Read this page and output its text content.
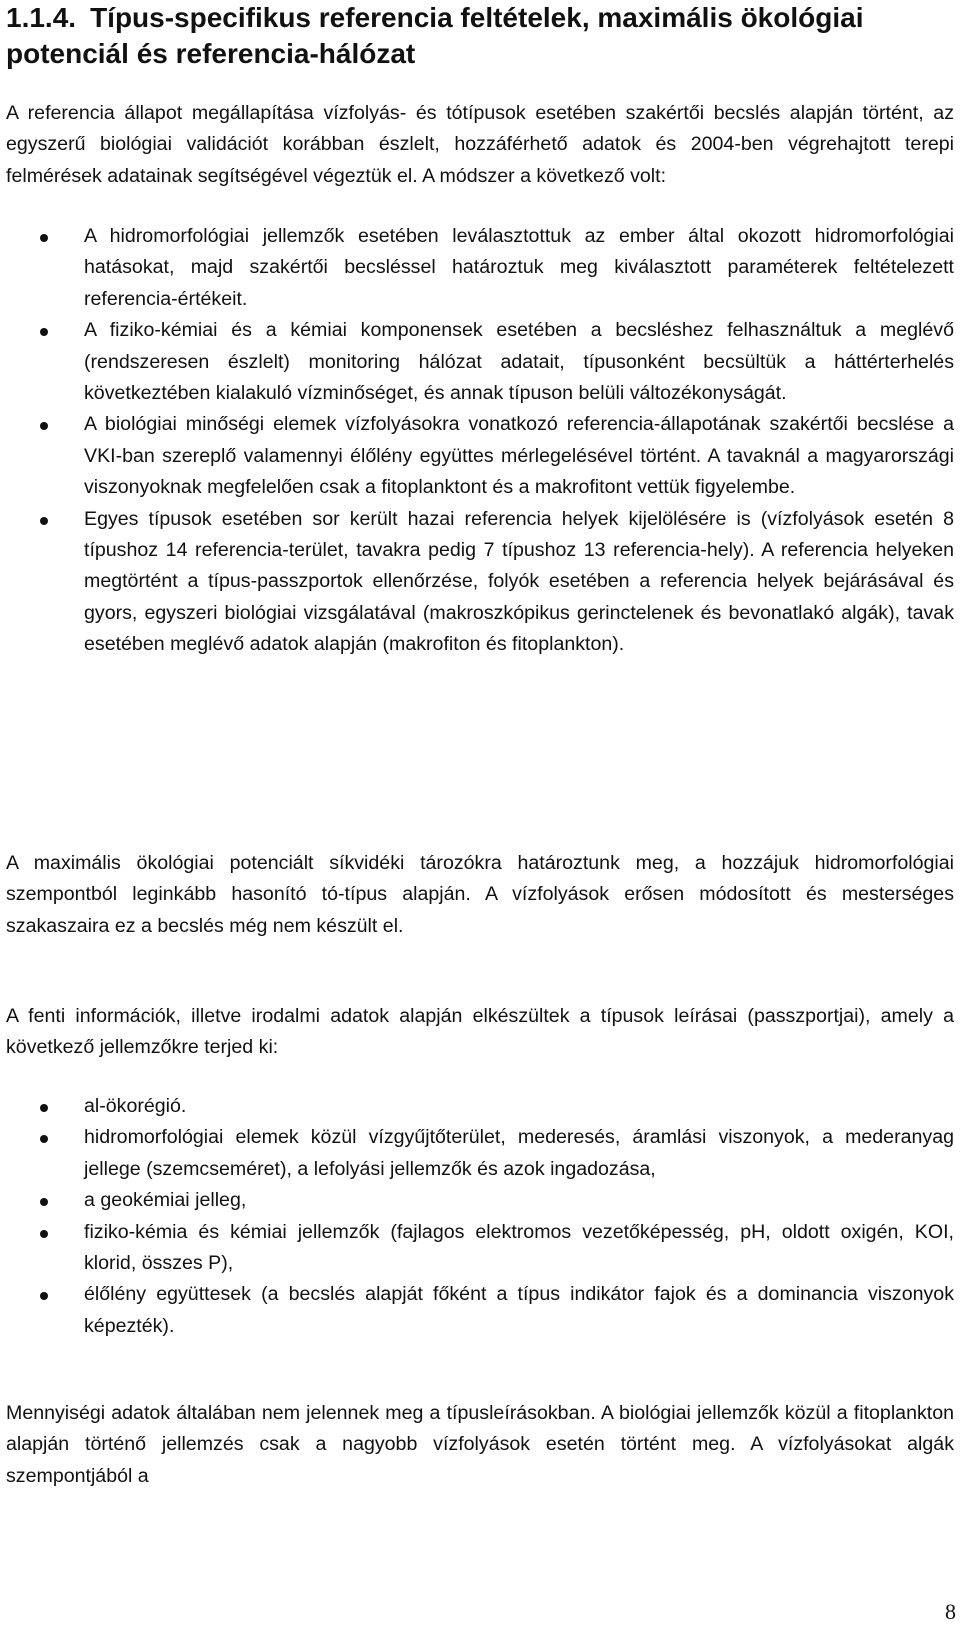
1.1.4. Típus-specifikus referencia feltételek, maximális ökológiai potenciál és referencia-hálózat

A referencia állapot megállapítása vízfolyás- és tótípusok esetében szakértői becslés alapján történt, az egyszerű biológiai validációt korábban észlelt, hozzáférhető adatok és 2004-ben végrehajtott terepi felmérések adatainak segítségével végeztük el. A módszer a következő volt:

A hidromorfológiai jellemzők esetében leválasztottuk az ember által okozott hidromorfológiai hatásokat, majd szakértői becsléssel határoztuk meg kiválasztott paraméterek feltételezett referencia-értékeit.
A fiziko-kémiai és a kémiai komponensek esetében a becsléshez felhasználtuk a meglévő (rendszeresen észlelt) monitoring hálózat adatait, típusonként becsültük a háttérterhelés következtében kialakuló vízminőséget, és annak típuson belüli változékonyságát.
A biológiai minőségi elemek vízfolyásokra vonatkozó referencia-állapotának szakértői becslése a VKI-ban szereplő valamennyi élőlény együttes mérlegelésével történt. A tavaknál a magyarországi viszonyoknak megfelelően csak a fitoplanktont és a makrofitont vettük figyelembe.
Egyes típusok esetében sor került hazai referencia helyek kijelölésére is (vízfolyások esetén 8 típushoz 14 referencia-terület, tavakra pedig 7 típushoz 13 referencia-hely). A referencia helyeken megtörtént a típus-passzportok ellenőrzése, folyók esetében a referencia helyek bejárásával és gyors, egyszeri biológiai vizsgálatával (makroszkópikus gerinctelenek és bevonatlakó algák), tavak esetében meglévő adatok alapján (makrofiton és fitoplankton).

A maximális ökológiai potenciált síkvidéki tározókra határoztunk meg, a hozzájuk hidromorfológiai szempontból leginkább hasonító tó-típus alapján. A vízfolyások erősen módosított és mesterséges szakaszaira ez a becslés még nem készült el.

A fenti információk, illetve irodalmi adatok alapján elkészültek a típusok leírásai (passzportjai), amely a következő jellemzőkre terjed ki:

al-ökorégió.
hidromorfológiai elemek közül vízgyűjtőterület, mederesés, áramlási viszonyok, a mederanyag jellege (szemcseméret), a lefolyási jellemzők és azok ingadozása,
a geokémiai jelleg,
fiziko-kémia és kémiai jellemzők (fajlagos elektromos vezetőképesség, pH, oldott oxigén, KOI, klorid, összes P),
élőlény együttesek (a becslés alapját főként a típus indikátor fajok és a dominancia viszonyok képezték).

Mennyiségi adatok általában nem jelennek meg a típusleírásokban. A biológiai jellemzők közül a fitoplankton alapján történő jellemzés csak a nagyobb vízfolyások esetén történt meg. A vízfolyásokat algák szempontjából a

8
